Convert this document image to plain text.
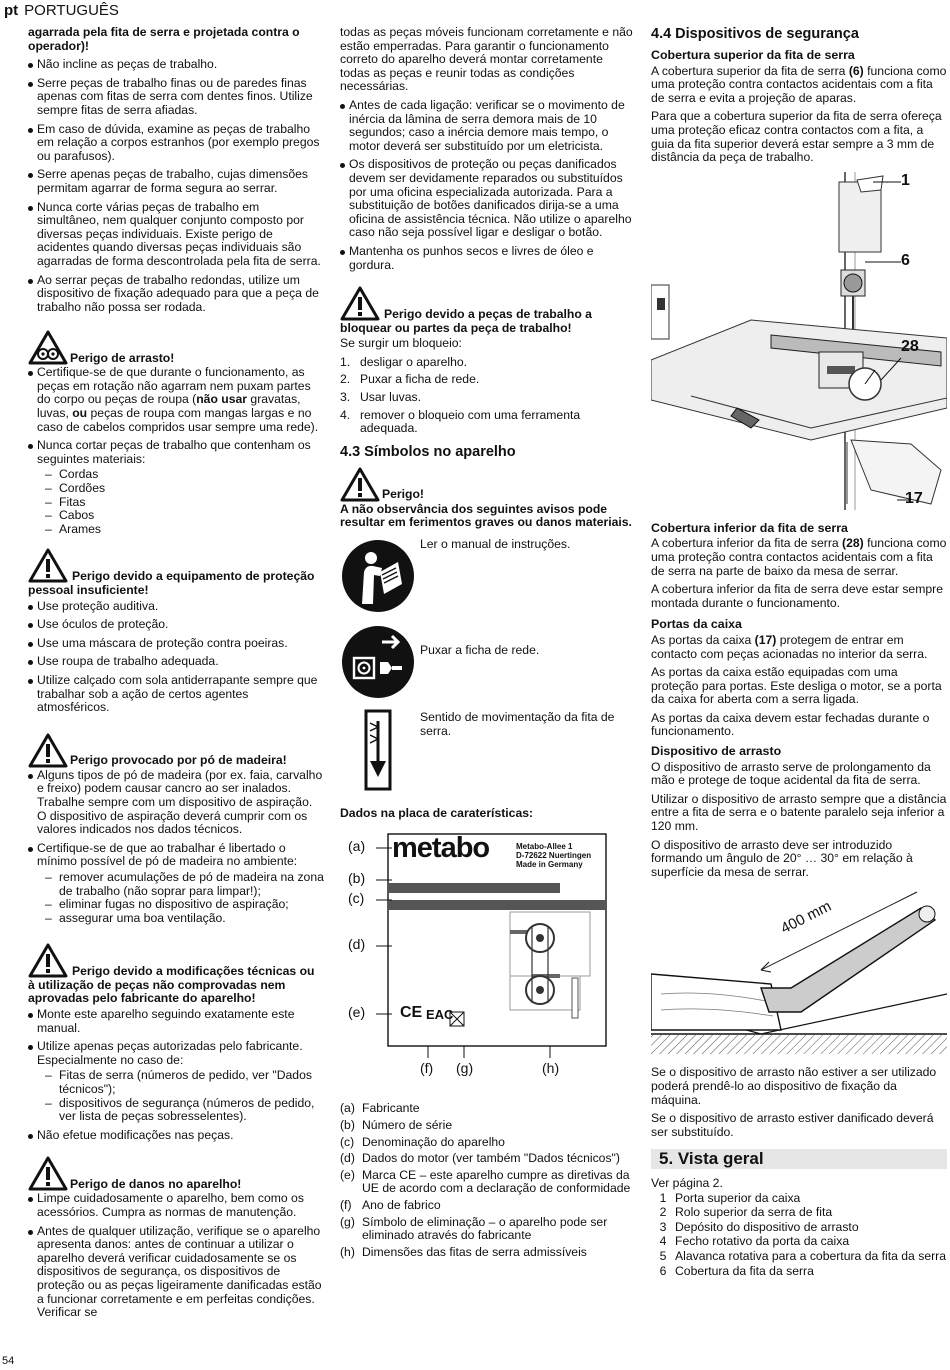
pt PORTUGUÊS
54

agarrada pela fita de serra e projetada contra o operador)!

Não incline as peças de trabalho.
Serre peças de trabalho finas ou de paredes finas apenas com fitas de serra com dentes finos. Utilize sempre fitas de serra afiadas.
Em caso de dúvida, examine as peças de trabalho em relação a corpos estranhos (por exemplo pregos ou parafusos).
Serre apenas peças de trabalho, cujas dimensões permitam agarrar de forma segura ao serrar.
Nunca corte várias peças de trabalho em simultâneo, nem qualquer conjunto composto por diversas peças individuais. Existe perigo de acidentes quando diversas peças individuais são agarradas de forma descontrolada pela fita de serra.
Ao serrar peças de trabalho redondas, utilize um dispositivo de fixação adequado para que a peça de trabalho não possa ser rodada.
Perigo de arrasto!
Certifique-se de que durante o funcionamento, as peças em rotação não agarram nem puxam partes do corpo ou peças de roupa (não usar gravatas, luvas, ou peças de roupa com mangas largas e no caso de cabelos compridos usar sempre uma rede).
Nunca cortar peças de trabalho que contenham os seguintes materiais:
– Cordas
– Cordões
– Fitas
– Cabos
– Arames
Perigo devido a equipamento de proteção pessoal insuficiente!
Use proteção auditiva.
Use óculos de proteção.
Use uma máscara de proteção contra poeiras.
Use roupa de trabalho adequada.
Utilize calçado com sola antiderrapante sempre que trabalhar sob a ação de certos agentes atmosféricos.
Perigo provocado por pó de madeira!
Alguns tipos de pó de madeira (por ex. faia, carvalho e freixo) podem causar cancro ao ser inalados. Trabalhe sempre com um dispositivo de aspiração. O dispositivo de aspiração deverá cumprir com os valores indicados nos dados técnicos.
Certifique-se de que ao trabalhar é libertado o mínimo possível de pó de madeira no ambiente:
– remover acumulações de pó de madeira na zona de trabalho (não soprar para limpar!);
– eliminar fugas no dispositivo de aspiração;
– assegurar uma boa ventilação.
Perigo devido a modificações técnicas ou à utilização de peças não comprovadas nem aprovadas pelo fabricante do aparelho!
Monte este aparelho seguindo exatamente este manual.
Utilize apenas peças autorizadas pelo fabricante. Especialmente no caso de:
– Fitas de serra (números de pedido, ver "Dados técnicos");
– dispositivos de segurança (números de pedido, ver lista de peças sobresselentes).
Não efetue modificações nas peças.
Perigo de danos no aparelho!
Limpe cuidadosamente o aparelho, bem como os acessórios. Cumpra as normas de manutenção.
Antes de qualquer utilização, verifique se o aparelho apresenta danos: antes de continuar a utilizar o aparelho deverá verificar cuidadosamente se os dispositivos de segurança, os dispositivos de proteção ou as peças ligeiramente danificadas estão a funcionar corretamente e em perfeitas condições. Verificar se

todas as peças móveis funcionam corretamente e não estão emperradas. Para garantir o funcionamento correto do aparelho deverá montar corretamente todas as peças e reunir todas as condições necessárias.

Antes de cada ligação: verificar se o movimento de inércia da lâmina de serra demora mais de 10 segundos; caso a inércia demore mais tempo, o motor deverá ser substituído por um eletricista.
Os dispositivos de proteção ou peças danificados devem ser devidamente reparados ou substituídos por uma oficina especializada autorizada. Para a substituição de botões danificados dirija-se a uma oficina de assistência técnica. Não utilize o aparelho caso não seja possível ligar e desligar o botão.
Mantenha os punhos secos e livres de óleo e gordura.
Perigo devido a peças de trabalho a bloquear ou partes da peça de trabalho!

Se surgir um bloqueio:

1. desligar o aparelho.
2. Puxar a ficha de rede.
3. Usar luvas.
4. remover o bloqueio com uma ferramenta adequada.
4.3 Símbolos no aparelho
Perigo!

A não observância dos seguintes avisos pode resultar em ferimentos graves ou danos materiais.

Ler o manual de instruções.
Puxar a ficha de rede.
Sentido de movimentação da fita de serra.
Dados na placa de caraterísticas:
metabo	Metabo-Allee 1
D-72622 Nuertingen
Made in Germany
CE EAC
(a)
(b)
(c)
(d)
(e)
(f) (g)	(h)
(a) Fabricante
(b) Número de série
(c) Denominação do aparelho
(d) Dados do motor (ver também "Dados técnicos")
(e) Marca CE – este aparelho cumpre as diretivas da UE de acordo com a declaração de conformidade
(f) Ano de fabrico
(g) Símbolo de eliminação – o aparelho pode ser eliminado através do fabricante
(h) Dimensões das fitas de serra admissíveis
4.4 Dispositivos de segurança
Cobertura superior da fita de serra

A cobertura superior da fita de serra (6) funciona como uma proteção contra contactos acidentais com a fita de serra e evita a projeção de aparas.

Para que a cobertura superior da fita de serra ofereça uma proteção eficaz contra contactos com a fita, a guia da fita superior deverá estar sempre a 3 mm de distância da peça de trabalho.

1
6
28
17
Cobertura inferior da fita de serra

A cobertura inferior da fita de serra (28) funciona como uma proteção contra contactos acidentais com a fita de serra na parte de baixo da mesa de serrar.

A cobertura inferior da fita de serra deve estar sempre montada durante o funcionamento.

Portas da caixa

As portas da caixa (17) protegem de entrar em contacto com peças acionadas no interior da serra.

As portas da caixa estão equipadas com uma proteção para portas. Este desliga o motor, se a porta da caixa for aberta com a serra ligada.

As portas da caixa devem estar fechadas durante o funcionamento.

Dispositivo de arrasto

O dispositivo de arrasto serve de prolongamento da mão e protege de toque acidental da fita de serra.

Utilizar o dispositivo de arrasto sempre que a distância entre a fita de serra e o batente paralelo seja inferior a 120 mm.

O dispositivo de arrasto deve ser introduzido formando um ângulo de 20° … 30° em relação à superfície da mesa de serrar.

400 mm

Se o dispositivo de arrasto não estiver a ser utilizado poderá prendê-lo ao dispositivo de fixação da máquina.

Se o dispositivo de arrasto estiver danificado deverá ser substituído.

5. Vista geral

Ver página 2.

1 Porta superior da caixa
2 Rolo superior da serra de fita
3 Depósito do dispositivo de arrasto
4 Fecho rotativo da porta da caixa
5 Alavanca rotativa para a cobertura da fita da serra
6 Cobertura da fita da serra
